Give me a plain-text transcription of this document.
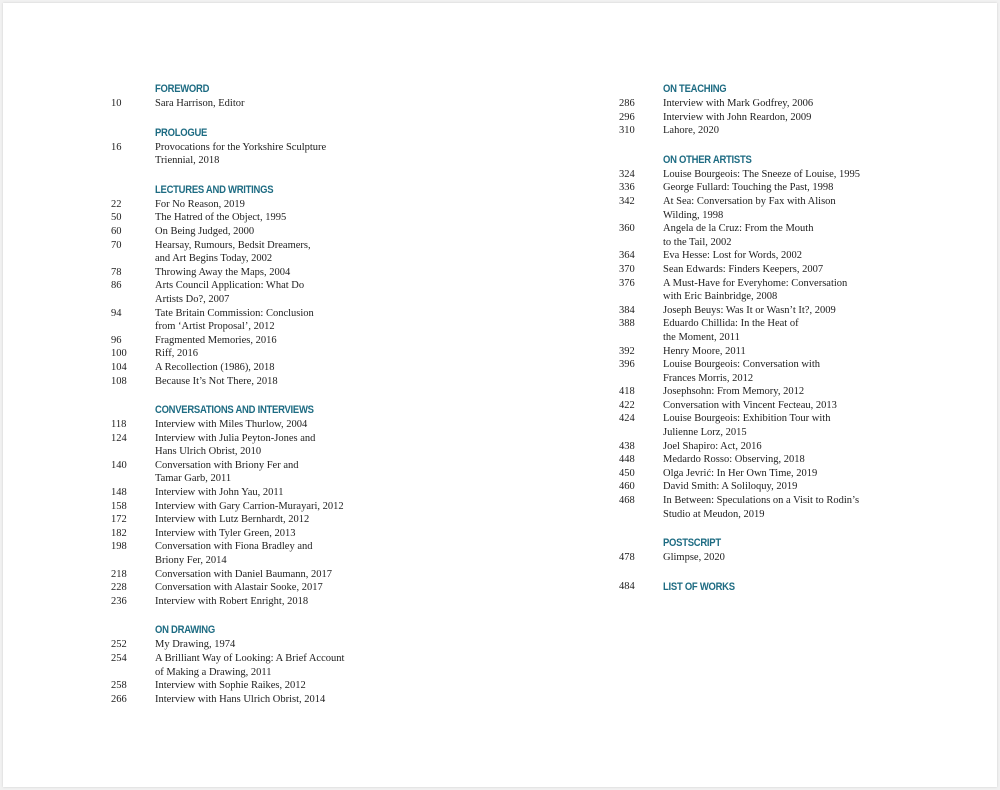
FOREWORD
10	Sara Harrison, Editor
PROLOGUE
16	Provocations for the Yorkshire Sculpture
Triennial, 2018
LECTURES AND WRITINGS
22	For No Reason, 2019
50	The Hatred of the Object, 1995
60	On Being Judged, 2000
70	Hearsay, Rumours, Bedsit Dreamers,
and Art Begins Today, 2002
78	Throwing Away the Maps, 2004
86	Arts Council Application: What Do
Artists Do?, 2007
94	Tate Britain Commission: Conclusion
from ‘Artist Proposal’, 2012
96	Fragmented Memories, 2016
100	Riff, 2016
104	A Recollection (1986), 2018
108	Because It’s Not There, 2018
CONVERSATIONS AND INTERVIEWS
118	Interview with Miles Thurlow, 2004
124	Interview with Julia Peyton-Jones and
Hans Ulrich Obrist, 2010
140	Conversation with Briony Fer and
Tamar Garb, 2011
148	Interview with John Yau, 2011
158	Interview with Gary Carrion-Murayari, 2012
172	Interview with Lutz Bernhardt, 2012
182	Interview with Tyler Green, 2013
198	Conversation with Fiona Bradley and
Briony Fer, 2014
218	Conversation with Daniel Baumann, 2017
228	Conversation with Alastair Sooke, 2017
236	Interview with Robert Enright, 2018
ON DRAWING
252	My Drawing, 1974
254	A Brilliant Way of Looking: A Brief Account
of Making a Drawing, 2011
258	Interview with Sophie Raikes, 2012
266	Interview with Hans Ulrich Obrist, 2014
ON TEACHING
286	Interview with Mark Godfrey, 2006
296	Interview with John Reardon, 2009
310	Lahore, 2020
ON OTHER ARTISTS
324	Louise Bourgeois: The Sneeze of Louise, 1995
336	George Fullard: Touching the Past, 1998
342	At Sea: Conversation by Fax with Alison
Wilding, 1998
360	Angela de la Cruz: From the Mouth
to the Tail, 2002
364	Eva Hesse: Lost for Words, 2002
370	Sean Edwards: Finders Keepers, 2007
376	A Must-Have for Everyhome: Conversation
with Eric Bainbridge, 2008
384	Joseph Beuys: Was It or Wasn’t It?, 2009
388	Eduardo Chillida: In the Heat of
the Moment, 2011
392	Henry Moore, 2011
396	Louise Bourgeois: Conversation with
Frances Morris, 2012
418	Josephsohn: From Memory, 2012
422	Conversation with Vincent Fecteau, 2013
424	Louise Bourgeois: Exhibition Tour with
Julienne Lorz, 2015
438	Joel Shapiro: Act, 2016
448	Medardo Rosso: Observing, 2018
450	Olga Jevrić: In Her Own Time, 2019
460	David Smith: A Soliloquy, 2019
468	In Between: Speculations on a Visit to Rodin’s
Studio at Meudon, 2019
POSTSCRIPT
478	Glimpse, 2020
484	LIST OF WORKS
